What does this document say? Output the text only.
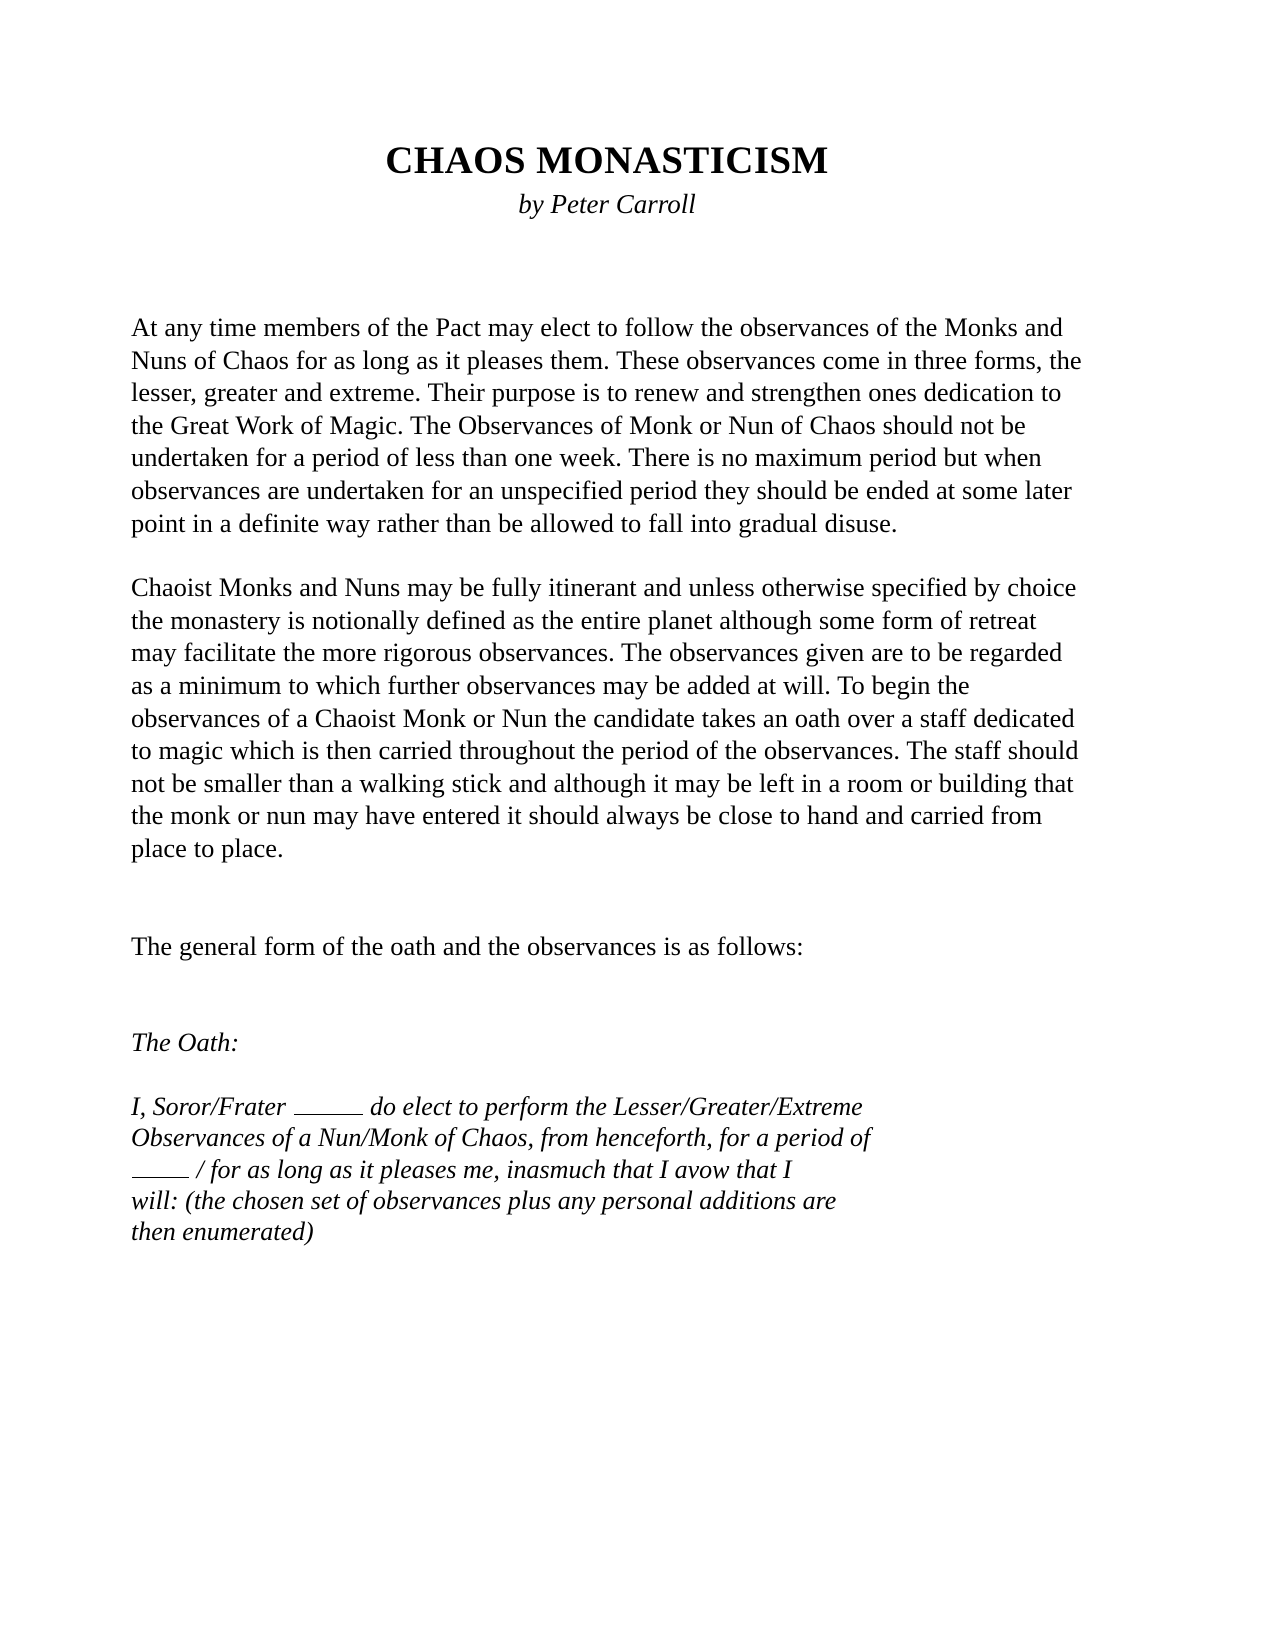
CHAOS MONASTICISM

by Peter Carroll

At any time members of the Pact may elect to follow the observances of the Monks and Nuns of Chaos for as long as it pleases them. These observances come in three forms, the lesser, greater and extreme. Their purpose is to renew and strengthen ones dedication to the Great Work of Magic. The Observances of Monk or Nun of Chaos should not be undertaken for a period of less than one week. There is no maximum period but when observances are undertaken for an unspecified period they should be ended at some later point in a definite way rather than be allowed to fall into gradual disuse.

Chaoist Monks and Nuns may be fully itinerant and unless otherwise specified by choice the monastery is notionally defined as the entire planet although some form of retreat may facilitate the more rigorous observances. The observances given are to be regarded as a minimum to which further observances may be added at will. To begin the observances of a Chaoist Monk or Nun the candidate takes an oath over a staff dedicated to magic which is then carried throughout the period of the observances. The staff should not be smaller than a walking stick and although it may be left in a room or building that the monk or nun may have entered it should always be close to hand and carried from place to place.

The general form of the oath and the observances is as follows:

The Oath:

I, Soror/Frater	do elect to perform the Lesser/Greater/Extreme
Observances of a Nun/Monk of Chaos, from henceforth, for a period of
/ for as long as it pleases me, inasmuch that I avow that I
will: (the chosen set of observances plus any personal additions are
then enumerated)
